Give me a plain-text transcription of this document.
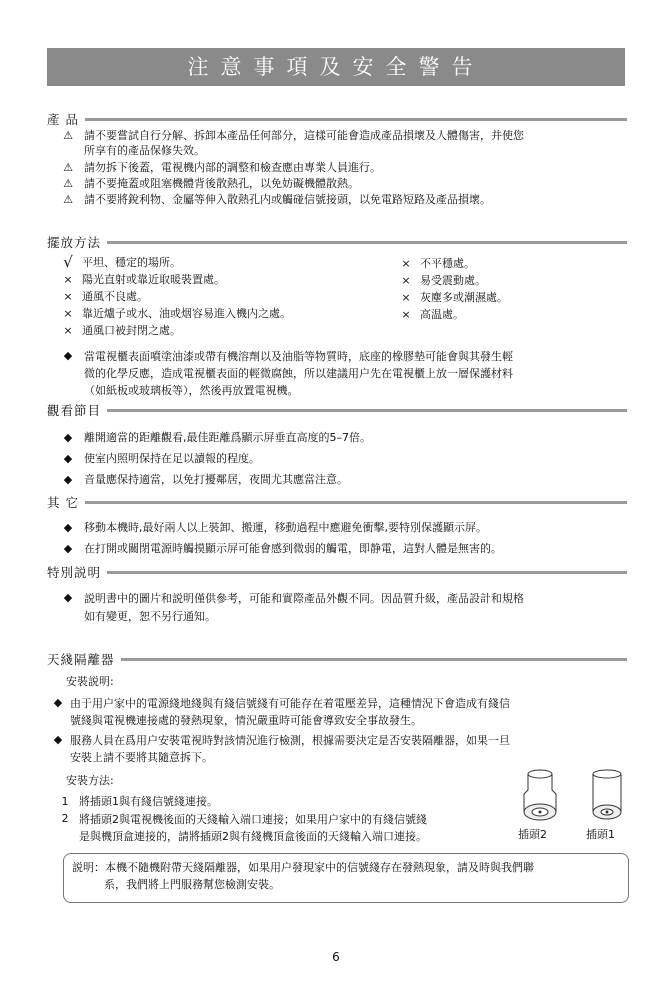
注意事項及安全警告
產 品
⚠	請不要嘗試自行分解、拆卸本產品任何部分，這樣可能會造成產品損壞及人體傷害，并使您
所享有的產品保修失效。
⚠	請勿拆下後蓋，電視機内部的調整和檢查應由專業人員進行。
⚠	請不要掩蓋或阻塞機體背後散熱孔，以免妨礙機體散熱。
⚠	請不要將銳利物、金屬等伸入散熱孔内或觸碰信號接頭，以免電路短路及產品損壞。
擺放方法
√ 平坦、穩定的場所。
× 陽光直射或靠近取暖裝置處。
× 通風不良處。
× 靠近爐子或水、油或烟容易進入機内之處。
× 通風口被封閉之處。
× 不平穩處。
× 易受震動處。
× 灰塵多或潮濕處。
× 高温處。
◆	當電視櫃表面噴塗油漆或帶有機溶劑以及油脂等物質時，底座的橡膠墊可能會與其發生輕
微的化學反應，造成電視櫃表面的輕微腐蝕，所以建議用户先在電視櫃上放一層保護材料
（如紙板或玻璃板等），然後再放置電視機。
觀看節目
◆	離開適當的距離觀看,最佳距離爲顯示屏垂直高度的5–7倍。
◆	使室内照明保持在足以讀報的程度。
◆	音量應保持適當，以免打擾鄰居，夜間尤其應當注意。
其 它
◆	移動本機時,最好兩人以上裝卸、搬運，移動過程中應避免衝擊,要特別保護顯示屏。
◆	在打開或關閉電源時觸摸顯示屏可能會感到微弱的觸電，即静電，這對人體是無害的。
特別説明
◆	説明書中的圖片和説明僅供參考，可能和實際產品外觀不同。因品質升級，產品設計和規格
如有變更，恕不另行通知。
天綫隔離器
安裝説明:
◆ 由于用户家中的電源綫地綫與有綫信號綫有可能存在着電壓差异，這種情況下會造成有綫信
號綫與電視機連接處的發熱現象，情況嚴重時可能會導致安全事故發生。
◆ 服務人員在爲用户安裝電視時對該情況進行檢測，根據需要決定是否安裝隔離器，如果一旦
安裝上請不要將其隨意拆下。
安裝方法:
1 將插頭1與有綫信號綫連接。
2 將插頭2與電視機後面的天綫輸入端口連接；如果用户家中的有綫信號綫
是與機頂盒連接的，請將插頭2與有綫機頂盒後面的天綫輸入端口連接。	插頭2	插頭1
説明：本機不隨機附帶天綫隔離器，如果用户發現家中的信號綫存在發熱現象，請及時與我們聯
系，我們將上門服務幫您檢測安裝。
6
